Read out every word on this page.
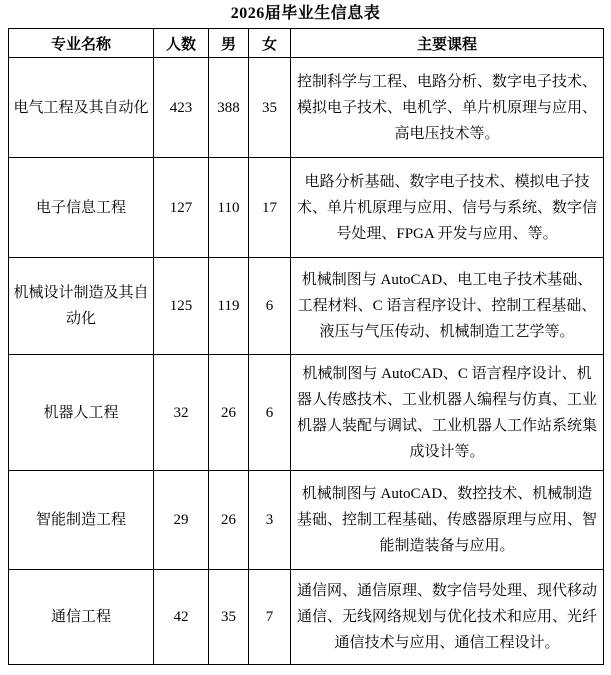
2026届毕业生信息表
专业名称	人数	男	女	主要课程
电气工程及其自动化	423	388	35	控制科学与工程、电路分析、数字电子技术、模拟电子技术、电机学、单片机原理与应用、高电压技术等。
电子信息工程	127	110	17	电路分析基础、数字电子技术、模拟电子技术、单片机原理与应用、信号与系统、数字信号处理、FPGA 开发与应用、等。
机械设计制造及其自动化	125	119	6	机械制图与 AutoCAD、电工电子技术基础、工程材料、C 语言程序设计、控制工程基础、液压与气压传动、机械制造工艺学等。
机器人工程	32	26	6	机械制图与 AutoCAD、C 语言程序设计、机器人传感技术、工业机器人编程与仿真、工业机器人装配与调试、工业机器人工作站系统集成设计等。
智能制造工程	29	26	3	机械制图与 AutoCAD、数控技术、机械制造基础、控制工程基础、传感器原理与应用、智能制造装备与应用。
通信工程	42	35	7	通信网、通信原理、数字信号处理、现代移动通信、无线网络规划与优化技术和应用、光纤通信技术与应用、通信工程设计。
